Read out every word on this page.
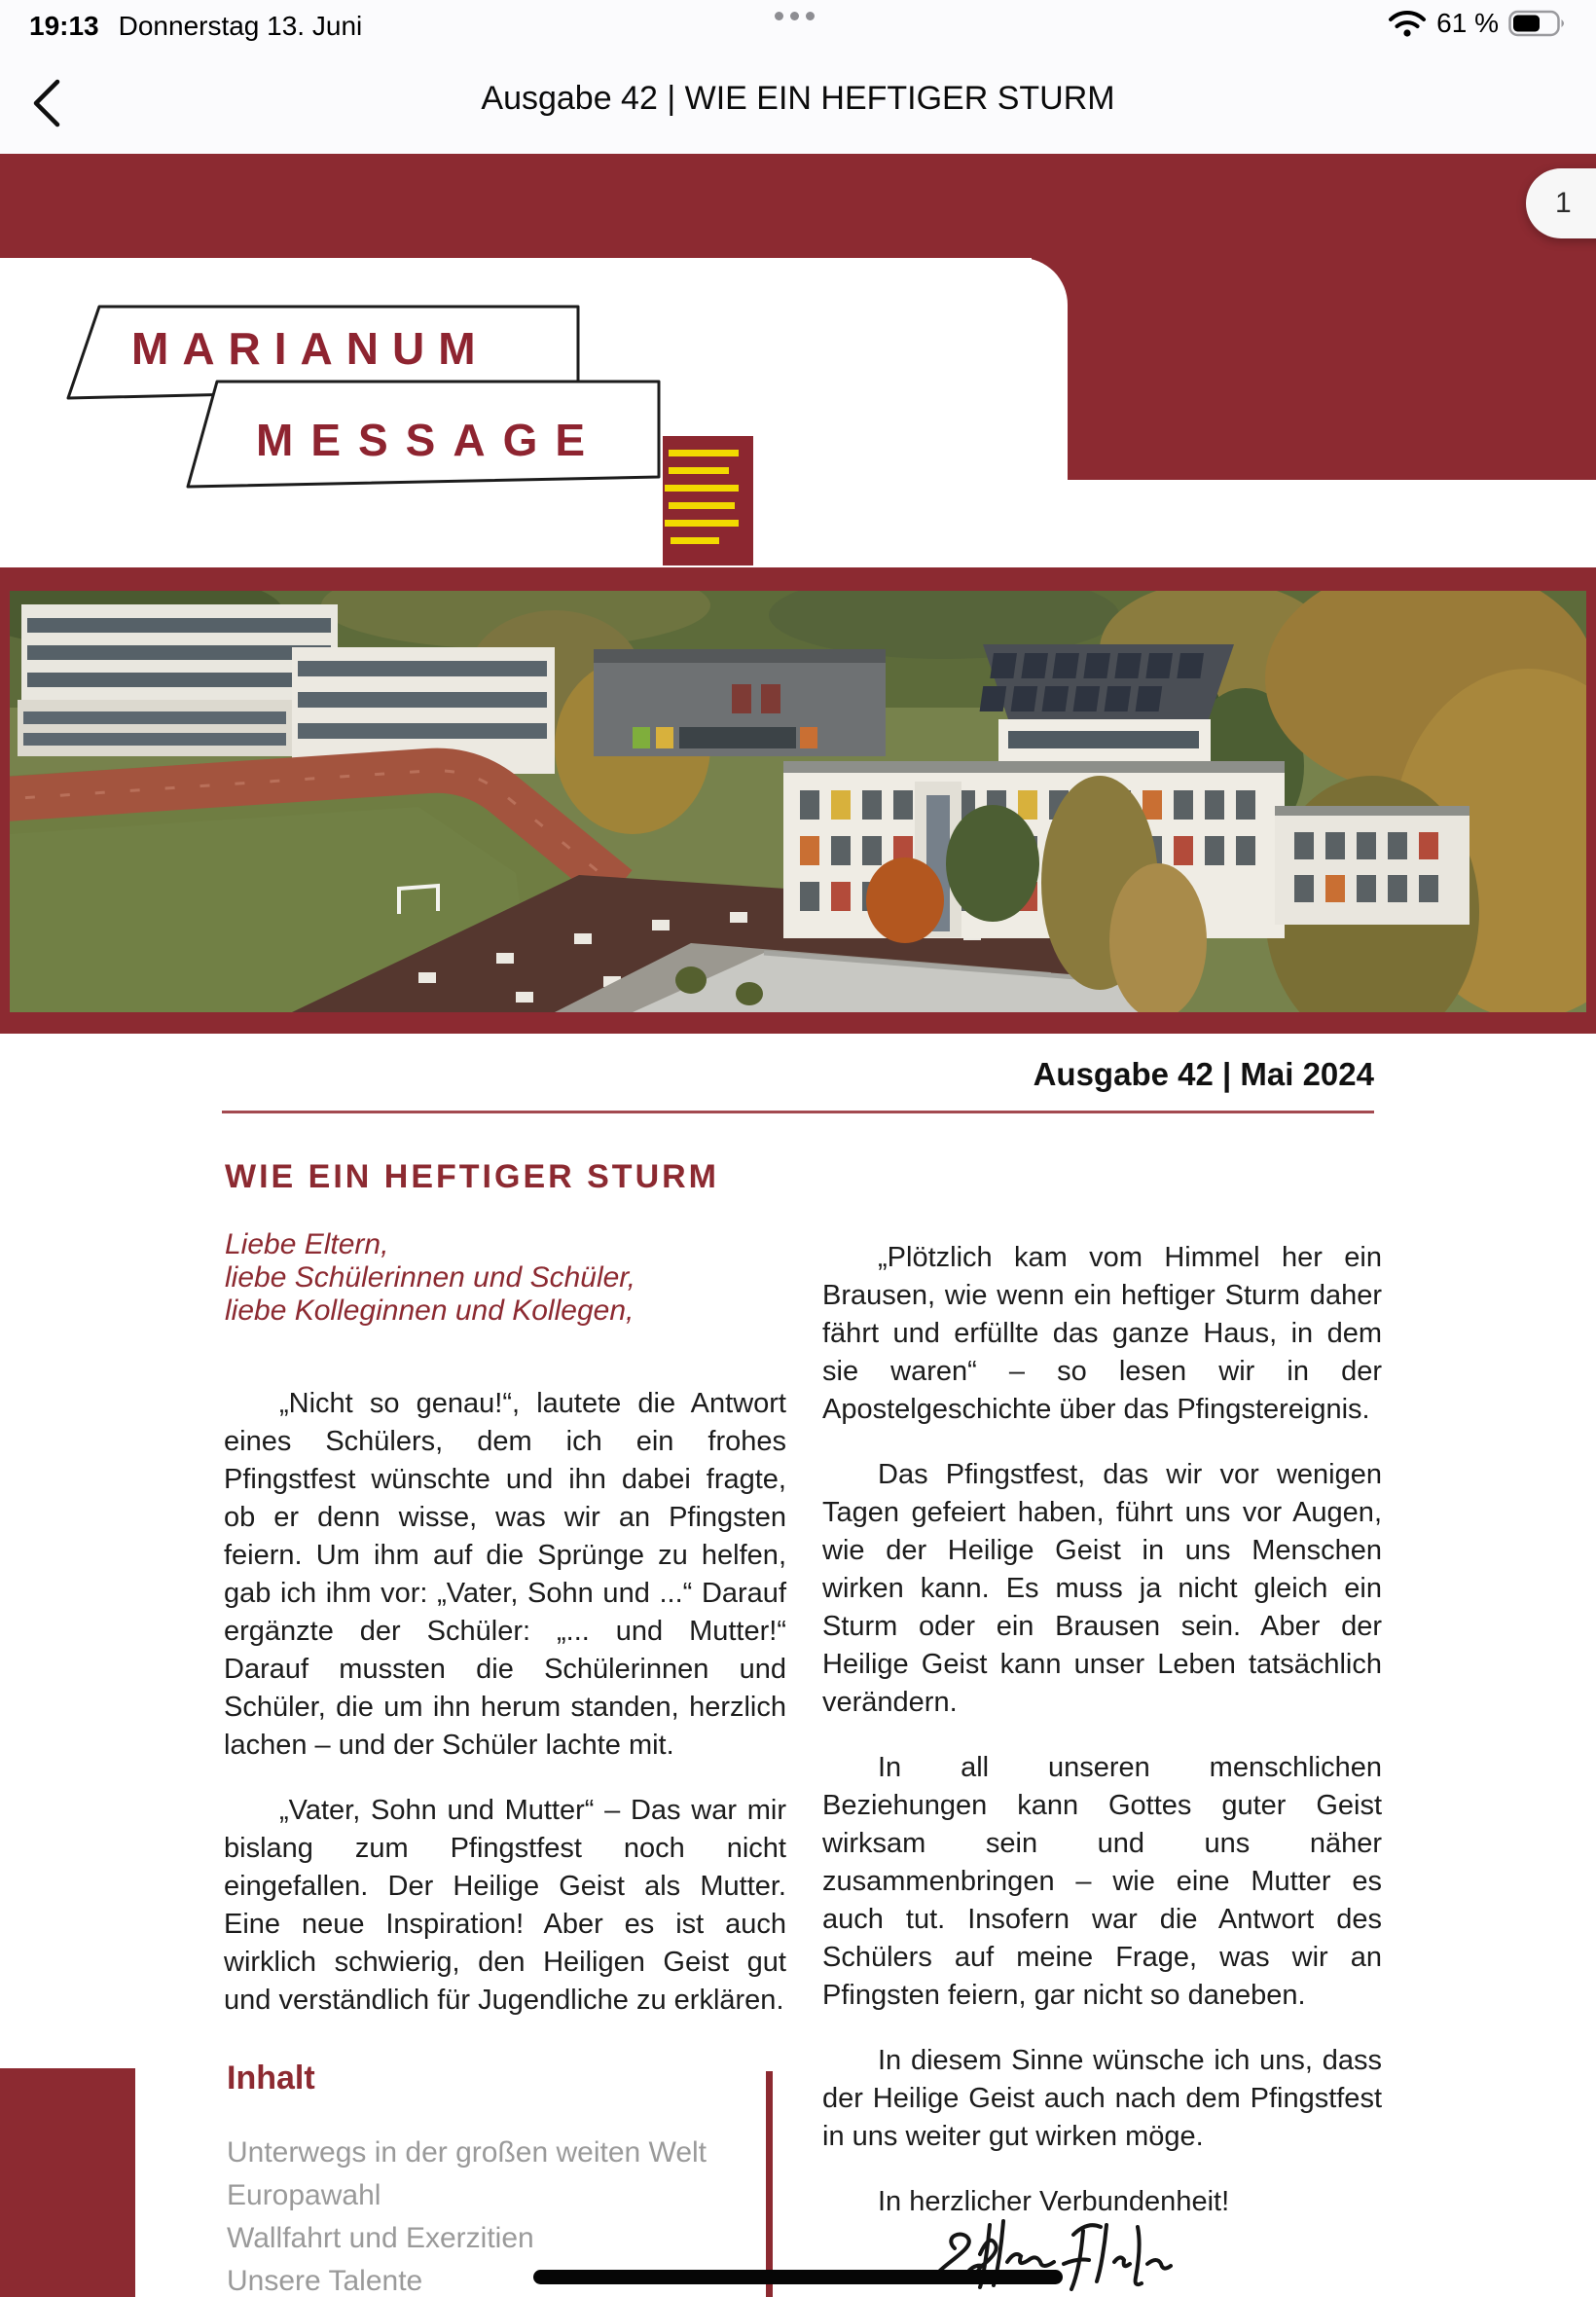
19:13 Donnerstag 13. Juni	61 %
Ausgabe 42 | WIE EIN HEFTIGER STURM
MARIANUM
MESSAGE
1
Ausgabe 42 | Mai 2024
WIE EIN HEFTIGER STURM
Liebe Eltern,
liebe Schülerinnen und Schüler,
liebe Kolleginnen und Kollegen,

„Nicht so genau!“, lautete die Antwort eines Schülers, dem ich ein frohes Pfingstfest wünschte und ihn dabei fragte, ob er denn wisse, was wir an Pfingsten feiern. Um ihm auf die Sprünge zu helfen, gab ich ihm vor: „Vater, Sohn und ...“ Darauf ergänzte der Schüler: „... und Mutter!“ Darauf mussten die Schülerinnen und Schüler, die um ihn herum standen, herzlich lachen – und der Schüler lachte mit.

„Vater, Sohn und Mutter“ – Das war mir bislang zum Pfingstfest noch nicht eingefallen. Der Heilige Geist als Mutter. Eine neue Inspiration! Aber es ist auch wirklich schwierig, den Heiligen Geist gut und verständlich für Jugendliche zu erklären.

„Plötzlich kam vom Himmel her ein Brausen, wie wenn ein heftiger Sturm daher fährt und erfüllte das ganze Haus, in dem sie waren“ – so lesen wir in der Apostelgeschichte über das Pfingstereignis.

Das Pfingstfest, das wir vor wenigen Tagen gefeiert haben, führt uns vor Augen, wie der Heilige Geist in uns Menschen wirken kann. Es muss ja nicht gleich ein Sturm oder ein Brausen sein. Aber der Heilige Geist kann unser Leben tatsächlich verändern.

In all unseren menschlichen Beziehungen kann Gottes guter Geist wirksam sein und uns näher zusammenbringen – wie eine Mutter es auch tut. Insofern war die Antwort des Schülers auf meine Frage, was wir an Pfingsten feiern, gar nicht so daneben.

In diesem Sinne wünsche ich uns, dass der Heilige Geist auch nach dem Pfingstfest in uns weiter gut wirken möge.

In herzlicher Verbundenheit!

Inhalt
Unterwegs in der großen weiten Welt
Europawahl
Wallfahrt und Exerzitien
Unsere Talente
